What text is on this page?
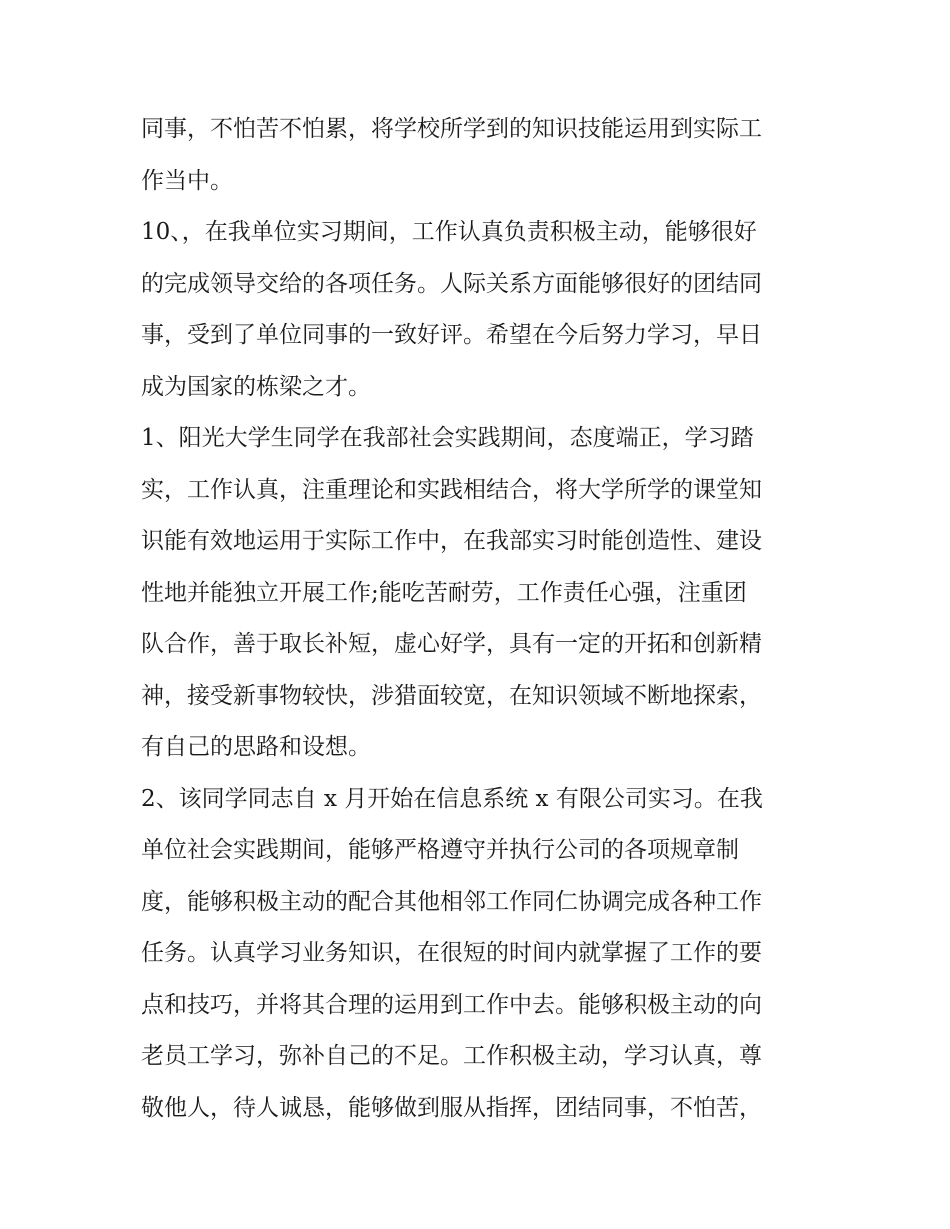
同事，不怕苦不怕累，将学校所学到的知识技能运用到实际工
作当中。
10、，在我单位实习期间，工作认真负责积极主动，能够很好
的完成领导交给的各项任务。人际关系方面能够很好的团结同
事，受到了单位同事的一致好评。希望在今后努力学习，早日
成为国家的栋梁之才。
1、阳光大学生同学在我部社会实践期间，态度端正，学习踏
实，工作认真，注重理论和实践相结合，将大学所学的课堂知
识能有效地运用于实际工作中，在我部实习时能创造性、建设
性地并能独立开展工作;能吃苦耐劳，工作责任心强，注重团
队合作，善于取长补短，虚心好学，具有一定的开拓和创新精
神，接受新事物较快，涉猎面较宽，在知识领域不断地探索，
有自己的思路和设想。
2、该同学同志自 x 月开始在信息系统 x 有限公司实习。在我
单位社会实践期间，能够严格遵守并执行公司的各项规章制
度，能够积极主动的配合其他相邻工作同仁协调完成各种工作
任务。认真学习业务知识，在很短的时间内就掌握了工作的要
点和技巧，并将其合理的运用到工作中去。能够积极主动的向
老员工学习，弥补自己的不足。工作积极主动，学习认真，尊
敬他人，待人诚恳，能够做到服从指挥，团结同事，不怕苦，
